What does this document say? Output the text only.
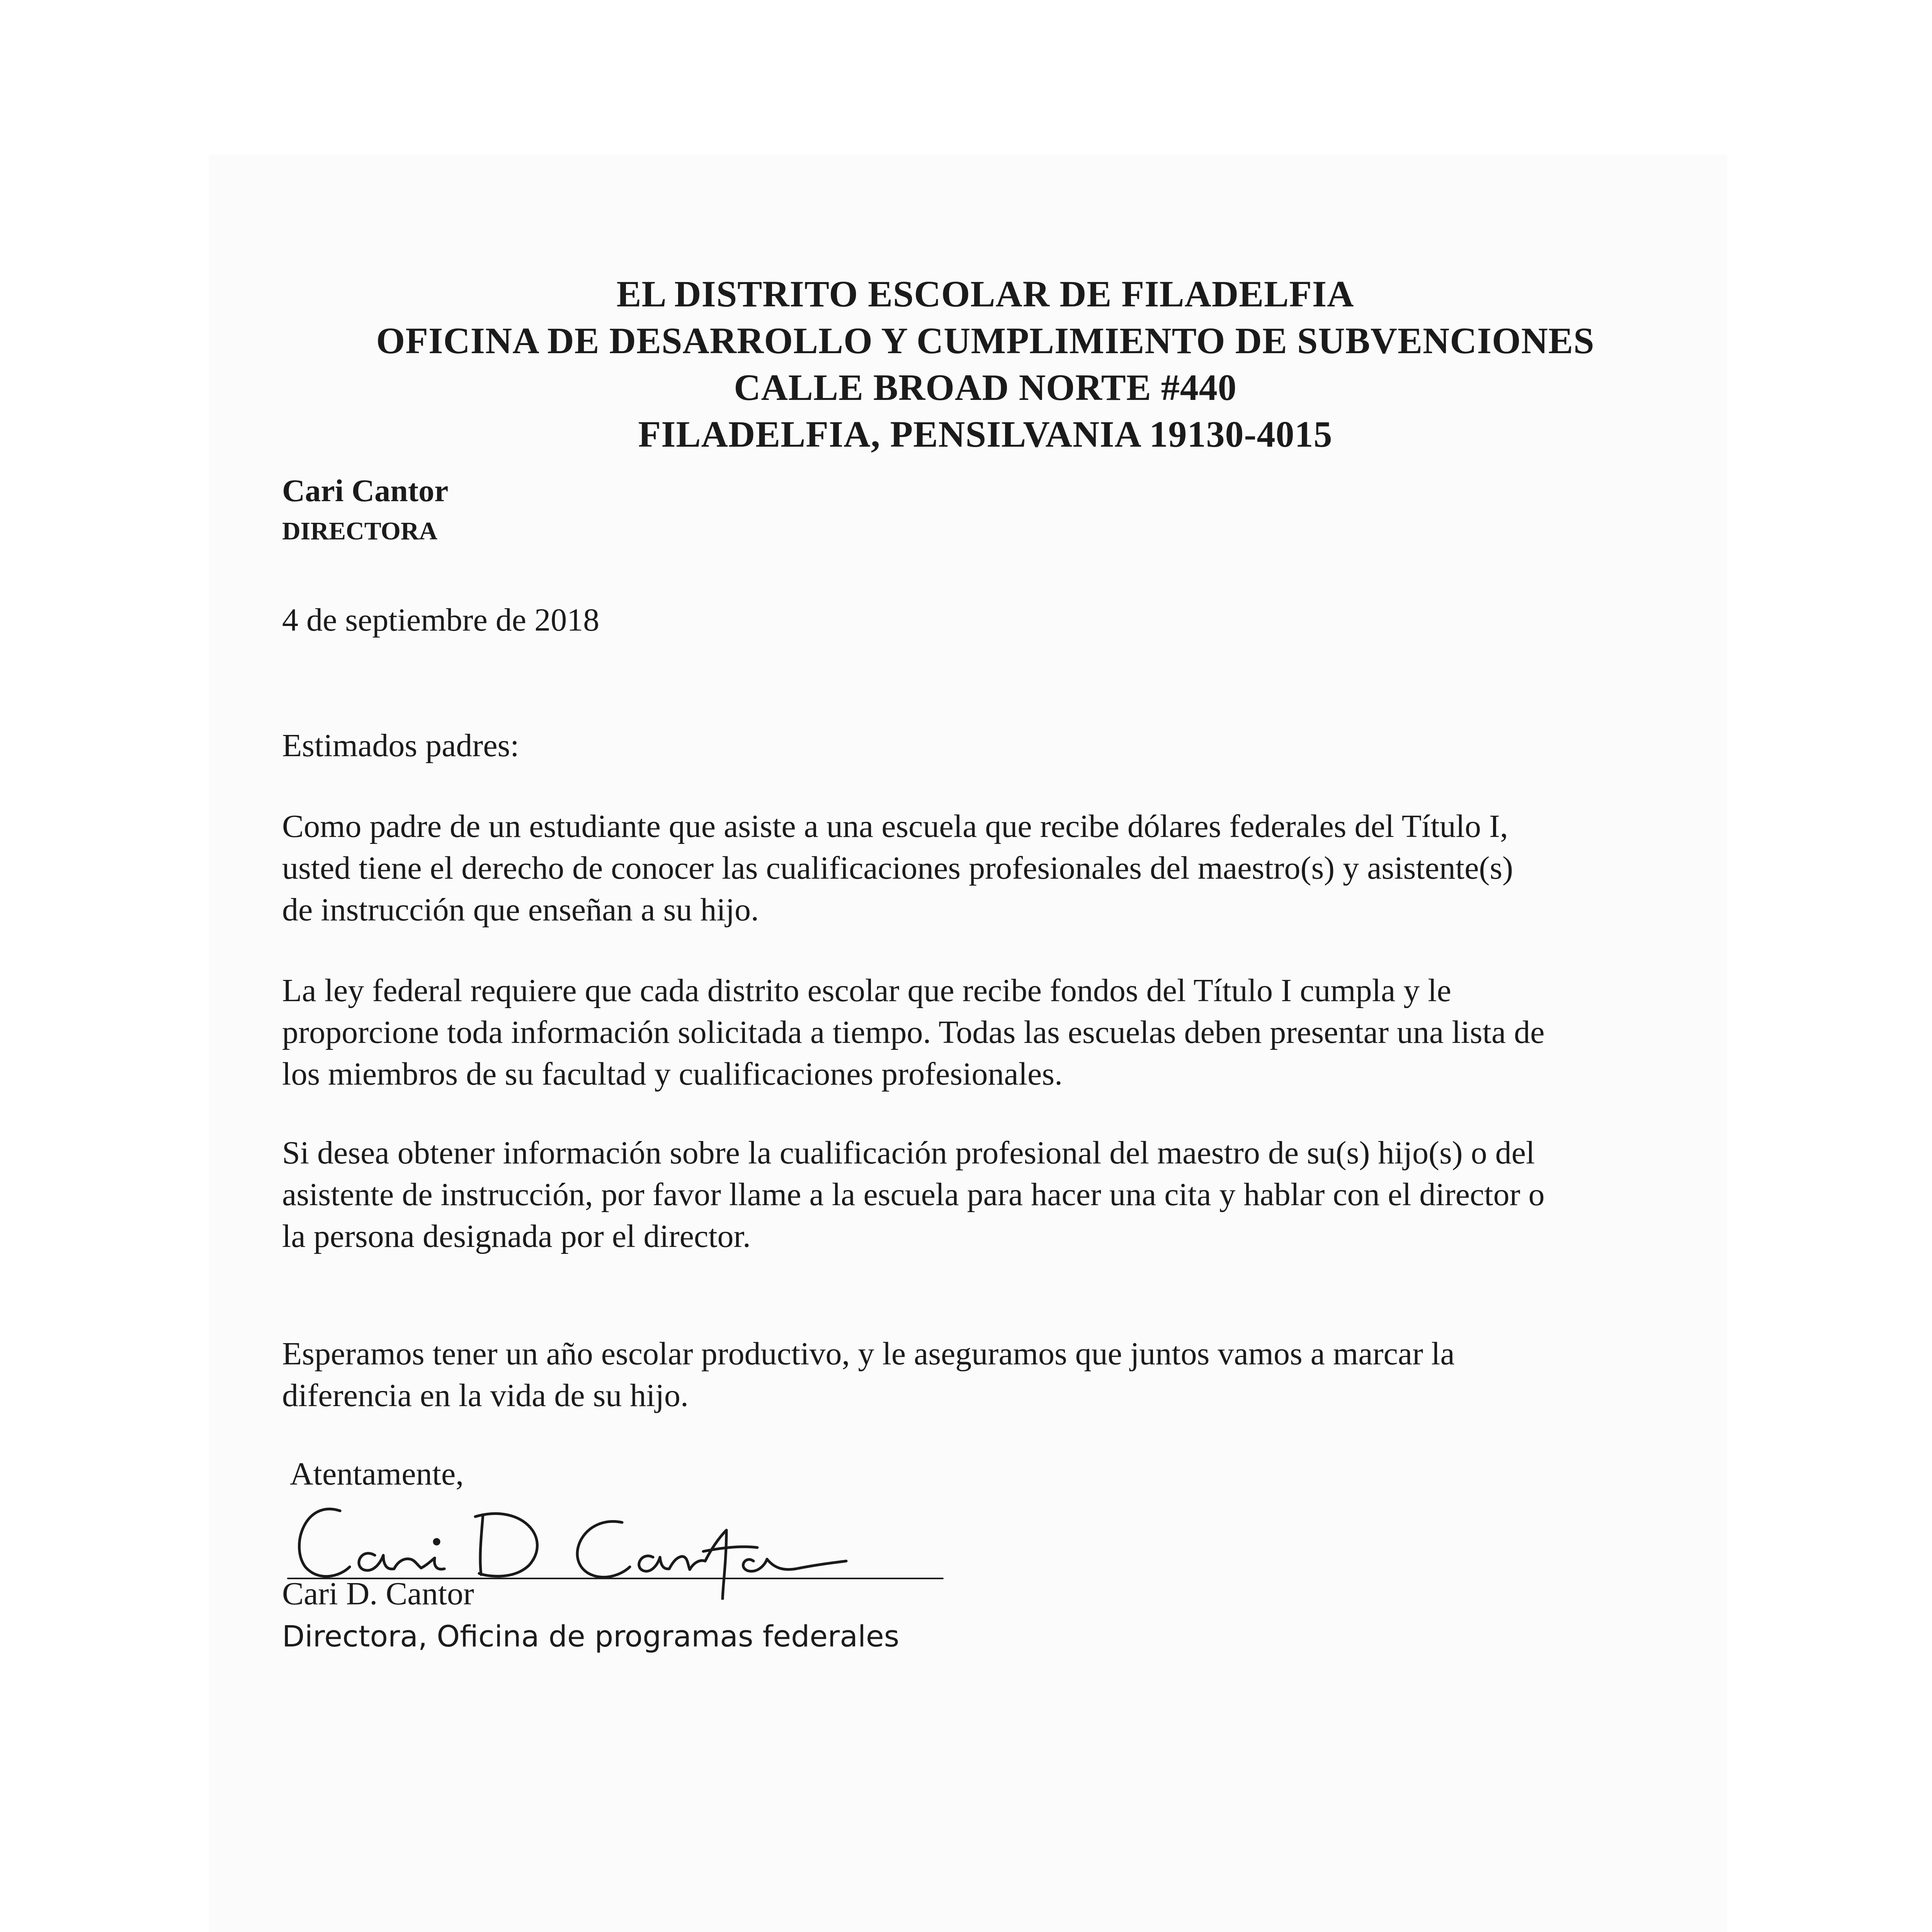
EL DISTRITO ESCOLAR DE FILADELFIA
OFICINA DE DESARROLLO Y CUMPLIMIENTO DE SUBVENCIONES
CALLE BROAD NORTE #440
FILADELFIA, PENSILVANIA 19130-4015
Cari Cantor
DIRECTORA
4 de septiembre de 2018
Estimados padres:
Como padre de un estudiante que asiste a una escuela que recibe dólares federales del Título I,
usted tiene el derecho de conocer las cualificaciones profesionales del maestro(s) y asistente(s)
de instrucción que enseñan a su hijo.
La ley federal requiere que cada distrito escolar que recibe fondos del Título I cumpla y le
proporcione toda información solicitada a tiempo. Todas las escuelas deben presentar una lista de
los miembros de su facultad y cualificaciones profesionales.
Si desea obtener información sobre la cualificación profesional del maestro de su(s) hijo(s) o del
asistente de instrucción, por favor llame a la escuela para hacer una cita y hablar con el director o
la persona designada por el director.
Esperamos tener un año escolar productivo, y le aseguramos que juntos vamos a marcar la
diferencia en la vida de su hijo.
Atentamente,
Cari D. Cantor
Directora, Oficina de programas federales
